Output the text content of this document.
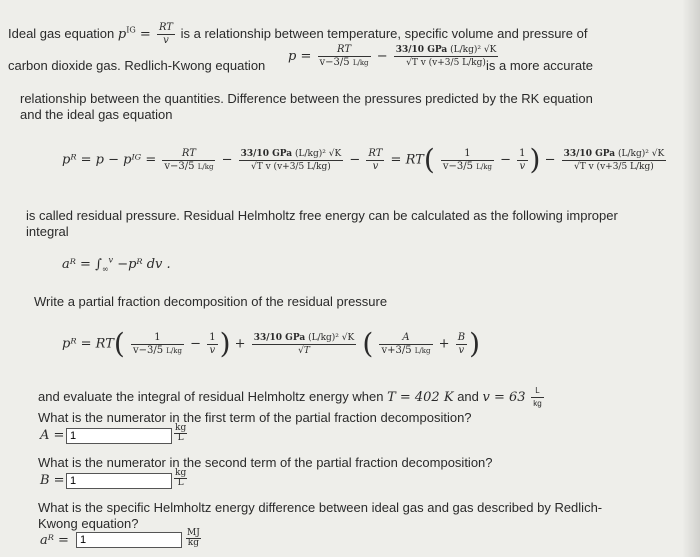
Ideal gas equation $p^{IG} = \frac{RT}{v}$ is a relationship between temperature, specific volume and pressure of
carbon dioxide gas. Redlich-Kwong equation
$p = \frac{RT}{v-3/5 L/kg} - \frac{\text{33/10 GPa (L/kg)² √K}}{\text{√T v (v+3/5 L/kg)}}$
is a more accurate
relationship between the quantities. Difference between the pressures predicted by the RK equation
and the ideal gas equation
pᴿ = p − pᴵᴳ = $\frac{RT}{v-3/5 L/kg} - \frac{\text{33/10 GPa (L/kg)² √K}}{\text{√T v (v+3/5 L/kg)}} - \frac{RT}{v} = RT( \frac{1}{v-3/5 L/kg} - \frac{1}{v}$ ) − $\frac{\text{33/10 GPa (L/kg)² √K}}{\text{√T v (v+3/5 L/kg)}}$
is called residual pressure. Residual Helmholtz free energy can be calculated as the following improper
integral
aᴿ = $\int_\infty^v$ −pᴿ dv .
Write a partial fraction decomposition of the residual pressure
pᴿ = $RT( \frac{1}{v-3/5 L/kg} - \frac{1}{v}$ ) + $\frac{\text{33/10 GPa (L/kg)² √K}}{√T}$ ( $\frac{A}{v+3/5 L/kg} + \frac{B}{v}$ )
and evaluate the integral of residual Helmholtz energy when T = 402 K and $v = 63 \frac{L}{kg}$
What is the numerator in the first term of the partial fraction decomposition?
A =
1	kg
L
What is the numerator in the second term of the partial fraction decomposition?
B =
1	kg
L
What is the specific Helmholtz energy difference between ideal gas and gas described by Redlich-
Kwong equation?
aᴿ =
1	MJ
kg
